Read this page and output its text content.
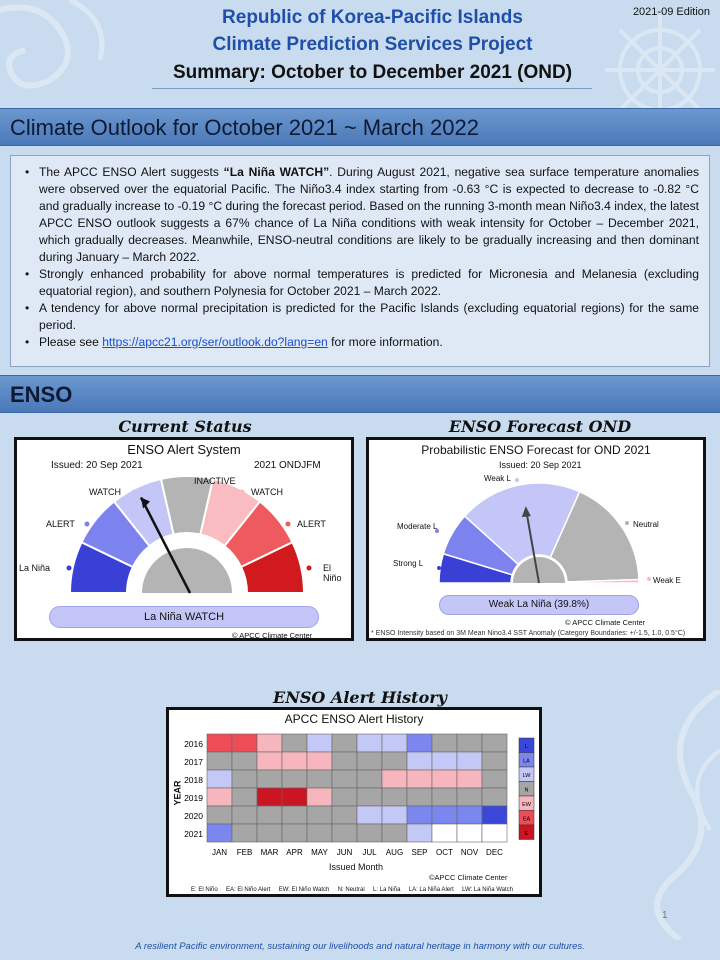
Republic of Korea-Pacific Islands
Climate Prediction Services Project
Summary: October to December 2021 (OND)
2021-09 Edition
Climate Outlook for October 2021 ~ March 2022
• The APCC ENSO Alert suggests “La Niña WATCH”. During August 2021, negative sea surface temperature anomalies were observed over the equatorial Pacific. The Niño3.4 index starting from -0.63 °C is expected to decrease to -0.82 °C and gradually increase to -0.19 °C during the forecast period. Based on the running 3-month mean Niño3.4 index, the latest APCC ENSO outlook suggests a 67% chance of La Niña conditions with weak intensity for October – December 2021, which gradually decreases. Meanwhile, ENSO-neutral conditions are likely to be gradually increasing and then dominant during January – March 2022.
• Strongly enhanced probability for above normal temperatures is predicted for Micronesia and Melanesia (excluding equatorial region), and southern Polynesia for October 2021 – March 2022.
• A tendency for above normal precipitation is predicted for the Pacific Islands (excluding equatorial regions) for the same period.
• Please see https://apcc21.org/ser/outlook.do?lang=en for more information.
ENSO
Current Status
ENSO Alert System
Issued: 20 Sep 2021	2021 ONDJFM
La Niña
ALERT
WATCH
INACTIVE
WATCH
ALERT
El Niño
La Niña WATCH
© APCC Climate Center
ENSO Forecast OND
Probabilistic ENSO Forecast for OND 2021
Issued: 20 Sep 2021
Strong L
Moderate L
Weak L
Neutral
Weak E
Weak La Niña (39.8%)
© APCC Climate Center
* ENSO Intensity based on 3M Mean Nino3.4 SST Anomaly (Category Boundaries: +/-1.5, 1.0, 0.5°C)
ENSO Alert History
APCC ENSO Alert History
2016
2017
2018
2019
2020
2021
JAN FEB MAR APR MAY JUN JUL AUG SEP OCT NOV DEC
L
LA
LW
N
EW
EA
E
Issued Month
YEAR
©APCC Climate Center
E: El Niño     EA: El Niño Alert     EW: El Niño Watch     N: Neutral     L: La Niña     LA: La Niña Alert     LW: La Niña Watch
1
A resilient Pacific environment, sustaining our livelihoods and natural heritage in harmony with our cultures.
